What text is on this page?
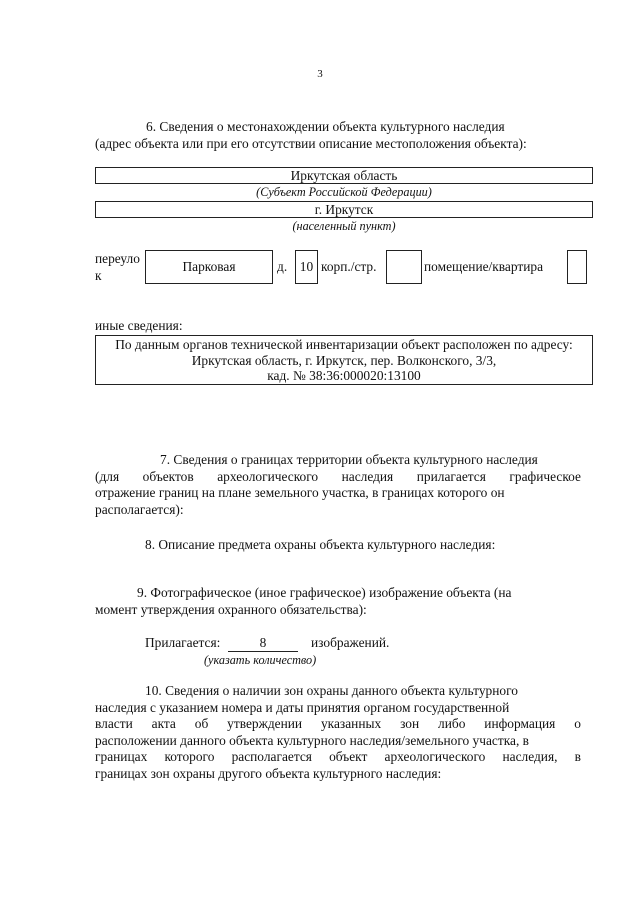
3
6. Сведения о местонахождении объекта культурного наследия
(адрес объекта или при его отсутствии описание местоположения объекта):
Иркутская область
(Субъект Российской Федерации)
г. Иркутск
(населенный пункт)
переуло
к
Парковая	д. 10 корп./стр.	помещение/квартира
иные сведения:
По данным органов технической инвентаризации объект расположен по адресу:
Иркутская область, г. Иркутск, пер. Волконского, 3/3,
кад. № 38:36:000020:13100
7. Сведения о границах территории объекта культурного наследия
(для объектов археологического наследия прилагается графическое
отражение границ на плане земельного участка, в границах которого он
располагается):
8. Описание предмета охраны объекта культурного наследия:
9. Фотографическое (иное графическое) изображение объекта (на
момент утверждения охранного обязательства):
Прилагается:	8	изображений.
(указать количество)
10. Сведения о наличии зон охраны данного объекта культурного
наследия с указанием номера и даты принятия органом государственной
власти акта об утверждении указанных зон либо информация о
расположении данного объекта культурного наследия/земельного участка, в
границах которого располагается объект археологического наследия, в
границах зон охраны другого объекта культурного наследия:
